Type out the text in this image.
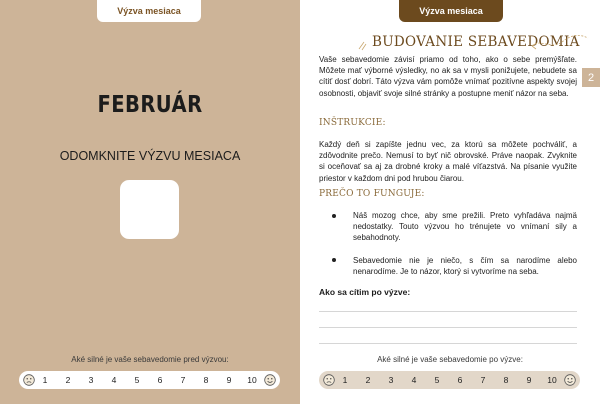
Výzva mesiaca
FEBRUÁR
ODOMKNITE VÝZVU MESIACA
Aké silné je vaše sebavedomie pred výzvou:
1	2	3	4	5	6	7	8	9	10
Výzva mesiaca
2
BUDOVANIE SEBAVEDOMIA
Vaše sebavedomie závisí priamo od toho, ako o sebe premýšľate. Môžete mať výborné výsledky, no ak sa v mysli ponižujete, nebudete sa cítiť dosť dobrí. Táto výzva vám pomôže vnímať pozitívne aspekty svojej osobnosti, objaviť svoje silné stránky a postupne meniť názor na seba.
INŠTRUKCIE:
Každý deň si zapíšte jednu vec, za ktorú sa môžete pochváliť, a zdôvodnite prečo. Nemusí to byť nič obrovské. Práve naopak. Zvyknite si oceňovať sa aj za drobné kroky a malé víťazstvá. Na písanie využite priestor v každom dni pod hrubou čiarou.
PREČO TO FUNGUJE:
Náš mozog chce, aby sme prežili. Preto vyhľadáva najmä nedostatky. Touto výzvou ho trénujete vo vnímaní sily a sebahodnoty.
Sebavedomie nie je niečo, s čím sa narodíme alebo nenarodíme. Je to názor, ktorý si vytvoríme na seba.
Ako sa cítim po výzve:
Aké silné je vaše sebavedomie po výzve:
1	2	3	4	5	6	7	8	9	10
